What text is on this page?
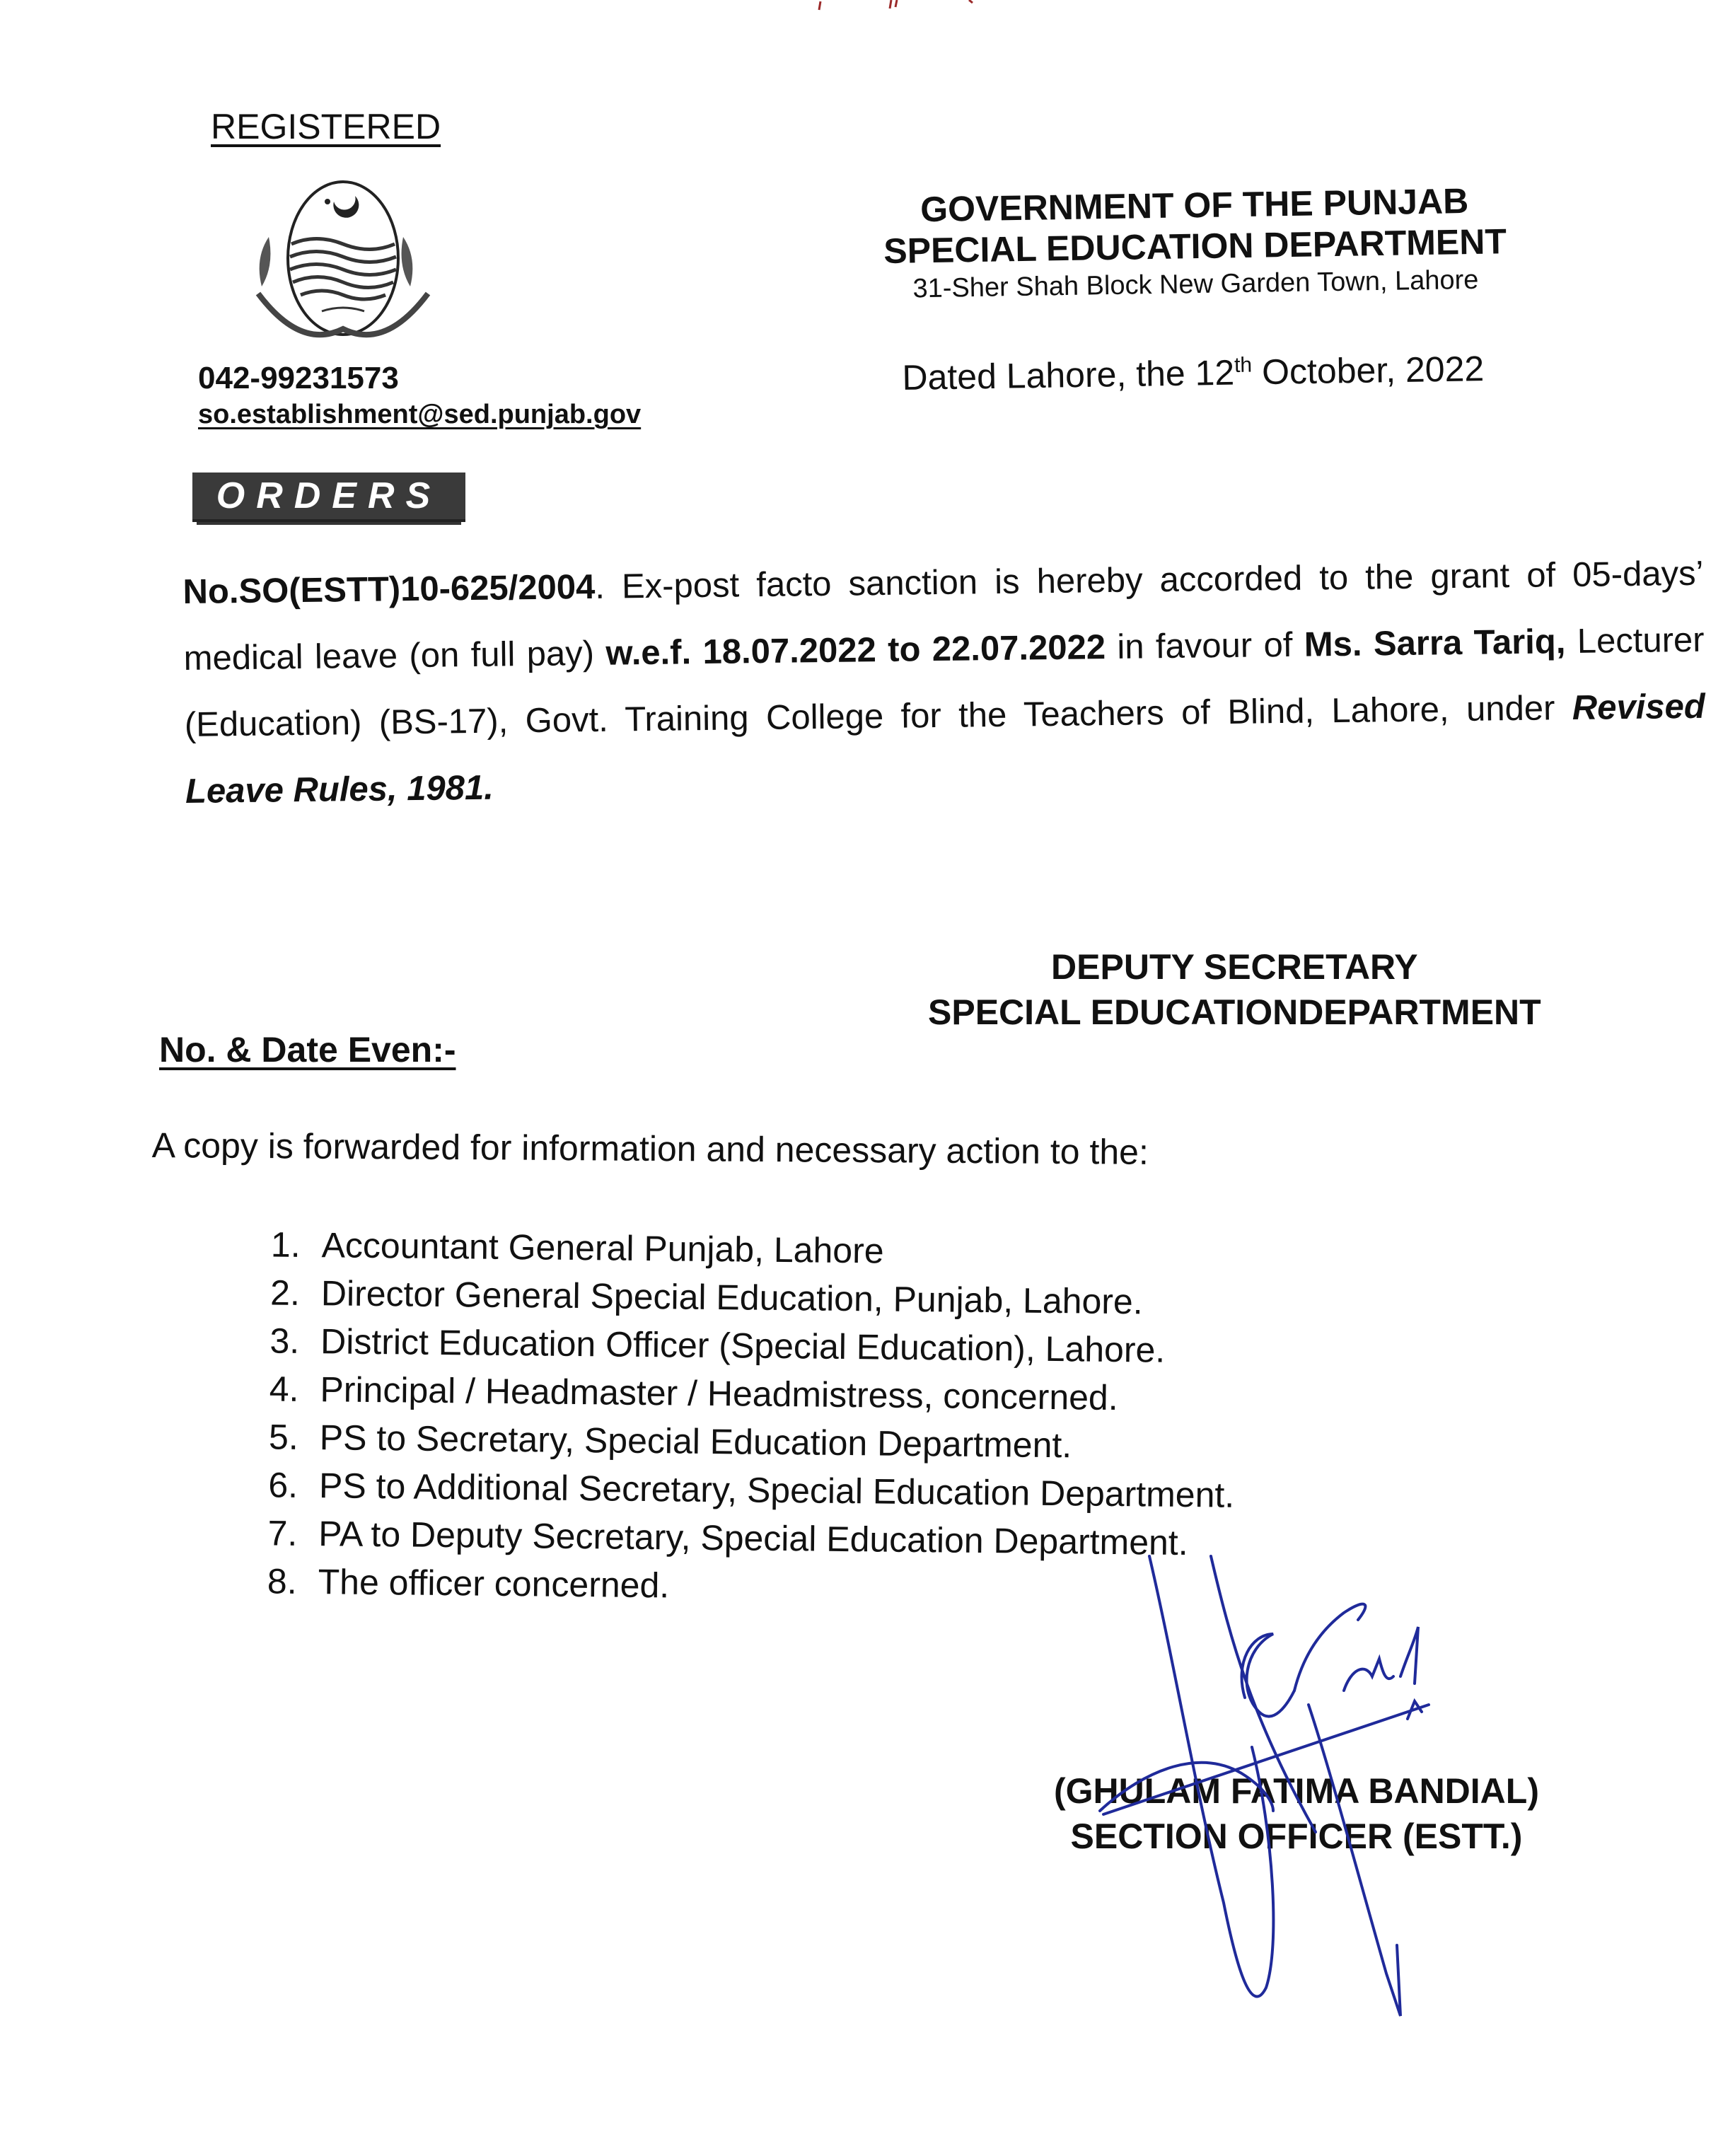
REGISTERED
042-99231573
so.establishment@sed.punjab.gov
GOVERNMENT OF THE PUNJAB
SPECIAL EDUCATION DEPARTMENT
31-Sher Shah Block New Garden Town, Lahore
Dated Lahore, the 12th October, 2022
ORDERS
No.SO(ESTT)10-625/2004. Ex-post facto sanction is hereby accorded to the grant of 05-days’ medical leave (on full pay) w.e.f. 18.07.2022 to 22.07.2022 in favour of Ms. Sarra Tariq, Lecturer (Education) (BS-17), Govt. Training College for the Teachers of Blind, Lahore, under Revised Leave Rules, 1981.
DEPUTY SECRETARY
SPECIAL EDUCATIONDEPARTMENT
No. & Date Even:-
A copy is forwarded for information and necessary action to the:
1. Accountant General Punjab, Lahore
2. Director General Special Education, Punjab, Lahore.
3. District Education Officer (Special Education), Lahore.
4. Principal / Headmaster / Headmistress, concerned.
5. PS to Secretary, Special Education Department.
6. PS to Additional Secretary, Special Education Department.
7. PA to Deputy Secretary, Special Education Department.
8. The officer concerned.
(GHULAM FATIMA BANDIAL)
SECTION OFFICER (ESTT.)
